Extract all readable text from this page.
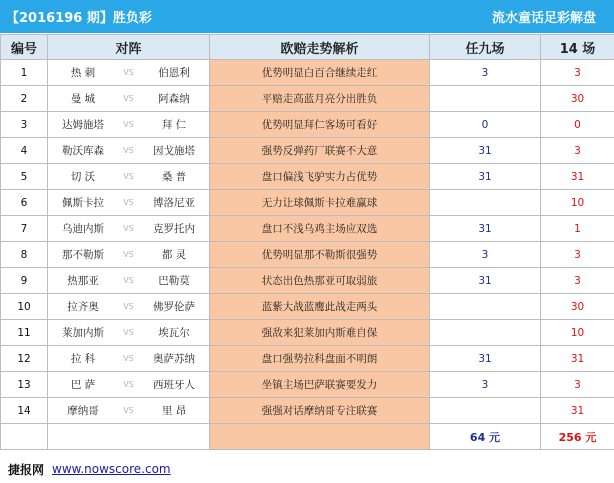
【2016196 期】胜负彩	流水童话足彩解盘
编号	对阵	欧赔走势解析	任九场	14 场
1	热 刺 VS 伯恩利	优势明显白百合继续走红	3	3
2	曼 城 VS 阿森纳	平赔走高蓝月亮分出胜负		30
3	达姆施塔 VS 拜 仁	优势明显拜仁客场可看好	0	0
4	勒沃库森 VS 因戈施塔	强势反弹药厂联赛不大意	31	3
5	切 沃 VS 桑 普	盘口偏浅飞驴实力占优势	31	31
6	佩斯卡拉 VS 博洛尼亚	无力让球佩斯卡拉难赢球		10
7	乌迪内斯 VS 克罗托内	盘口不浅乌鸡主场应双选	31	1
8	那不勒斯 VS 都 灵	优势明显那不勒斯很强势	3	3
9	热那亚 VS 巴勒莫	状态出色热那亚可取弱旅	31	3
10	拉齐奥 VS 佛罗伦萨	蓝紫大战蓝鹰此战走两头		30
11	莱加内斯 VS 埃瓦尔	强敌来犯莱加内斯难自保		10
12	拉 科 VS 奥萨苏纳	盘口强势拉科盘面不明朗	31	31
13	巴 萨 VS 西班牙人	坐镇主场巴萨联赛要发力	3	3
14	摩纳哥 VS 里 昂	强强对话摩纳哥专注联赛		31
			64 元	256 元
捷报网 www.nowscore.com
